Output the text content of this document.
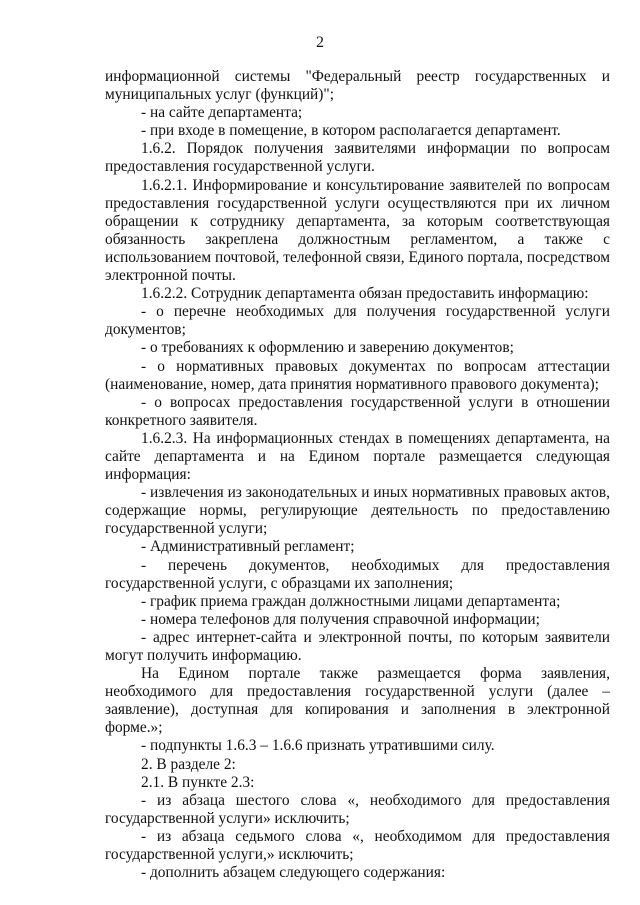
2

информационной системы "Федеральный реестр государственных и муниципальных услуг (функций)";

- на сайте департамента;

- при входе в помещение, в котором располагается департамент.

1.6.2. Порядок получения заявителями информации по вопросам предоставления государственной услуги.

1.6.2.1. Информирование и консультирование заявителей по вопросам предоставления государственной услуги осуществляются при их личном обращении к сотруднику департамента, за которым соответствующая обязанность закреплена должностным регламентом, а также с использованием почтовой, телефонной связи, Единого портала, посредством электронной почты.

1.6.2.2. Сотрудник департамента обязан предоставить информацию:

- о перечне необходимых для получения государственной услуги документов;

- о требованиях к оформлению и заверению документов;

- о нормативных правовых документах по вопросам аттестации (наименование, номер, дата принятия нормативного правового документа);

- о вопросах предоставления государственной услуги в отношении конкретного заявителя.

1.6.2.3. На информационных стендах в помещениях департамента, на сайте департамента и на Едином портале размещается следующая информация:

- извлечения из законодательных и иных нормативных правовых актов, содержащие нормы, регулирующие деятельность по предоставлению государственной услуги;

- Административный регламент;

- перечень документов, необходимых для предоставления государственной услуги, с образцами их заполнения;

- график приема граждан должностными лицами департамента;

- номера телефонов для получения справочной информации;

- адрес интернет-сайта и электронной почты, по которым заявители могут получить информацию.

На Едином портале также размещается форма заявления, необходимого для предоставления государственной услуги (далее – заявление), доступная для копирования и заполнения в электронной форме.»;

- подпункты 1.6.3 – 1.6.6 признать утратившими силу.

2. В разделе 2:

2.1. В пункте 2.3:

- из абзаца шестого слова «, необходимого для предоставления государственной услуги» исключить;

- из абзаца седьмого слова «, необходимом для предоставления государственной услуги,» исключить;

- дополнить абзацем следующего содержания:
